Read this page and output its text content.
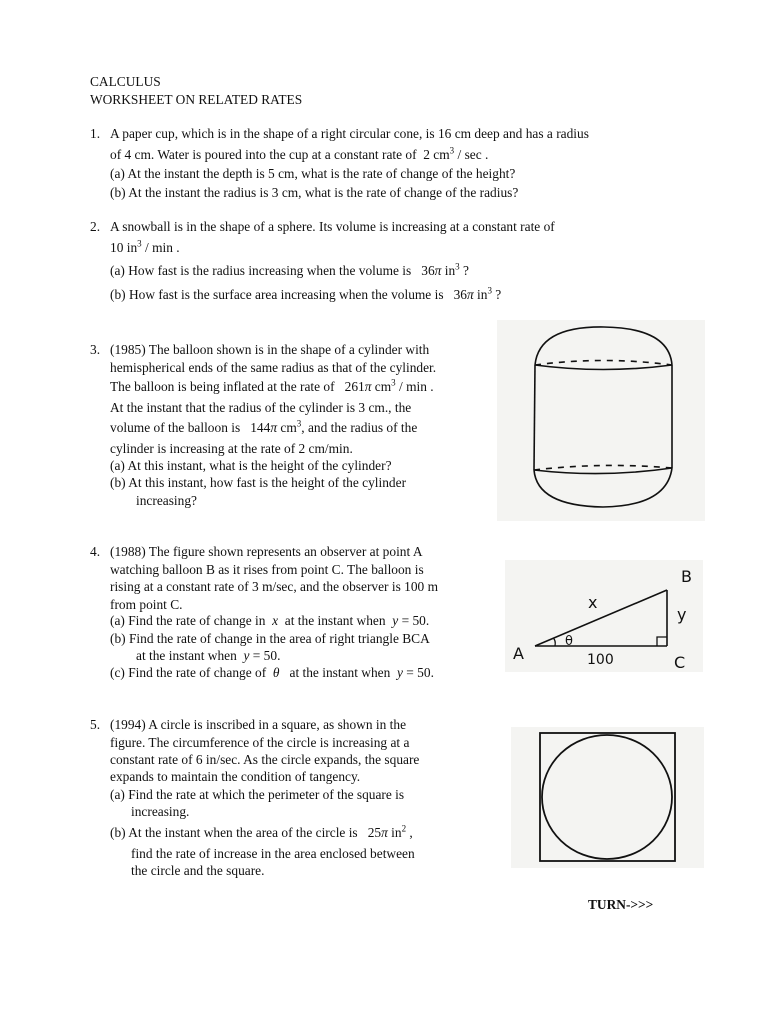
CALCULUS
WORKSHEET ON RELATED RATES
1. A paper cup, which is in the shape of a right circular cone, is 16 cm deep and has a radius
of 4 cm. Water is poured into the cup at a constant rate of 2 $cm^3$ / sec .
(a) At the instant the depth is 5 cm, what is the rate of change of the height?
(b) At the instant the radius is 3 cm, what is the rate of change of the radius?
2. A snowball is in the shape of a sphere. Its volume is increasing at a constant rate of
10 $in^3$ / min .
(a) How fast is the radius increasing when the volume is 36π $in^3$ ?
(b) How fast is the surface area increasing when the volume is 36π $in^3$ ?
3. (1985) The balloon shown is in the shape of a cylinder with
hemispherical ends of the same radius as that of the cylinder.
The balloon is being inflated at the rate of 261π $cm^3$ / min .
At the instant that the radius of the cylinder is 3 cm., the
volume of the balloon is 144π $cm^3$, and the radius of the
cylinder is increasing at the rate of 2 cm/min.
(a) At this instant, what is the height of the cylinder?
(b) At this instant, how fast is the height of the cylinder
increasing?
4. (1988) The figure shown represents an observer at point A
watching balloon B as it rises from point C. The balloon is
rising at a constant rate of 3 m/sec, and the observer is 100 m
from point C.
(a) Find the rate of change in x at the instant when y = 50.
(b) Find the rate of change in the area of right triangle BCA
at the instant when y = 50.
(c) Find the rate of change of θ at the instant when y = 50.
B
A	C
x
y
θ
100
5. (1994) A circle is inscribed in a square, as shown in the
figure. The circumference of the circle is increasing at a
constant rate of 6 in/sec. As the circle expands, the square
expands to maintain the condition of tangency.
(a) Find the rate at which the perimeter of the square is
increasing.
(b) At the instant when the area of the circle is 25π $in^2$ ,
find the rate of increase in the area enclosed between
the circle and the square.
TURN->>>
